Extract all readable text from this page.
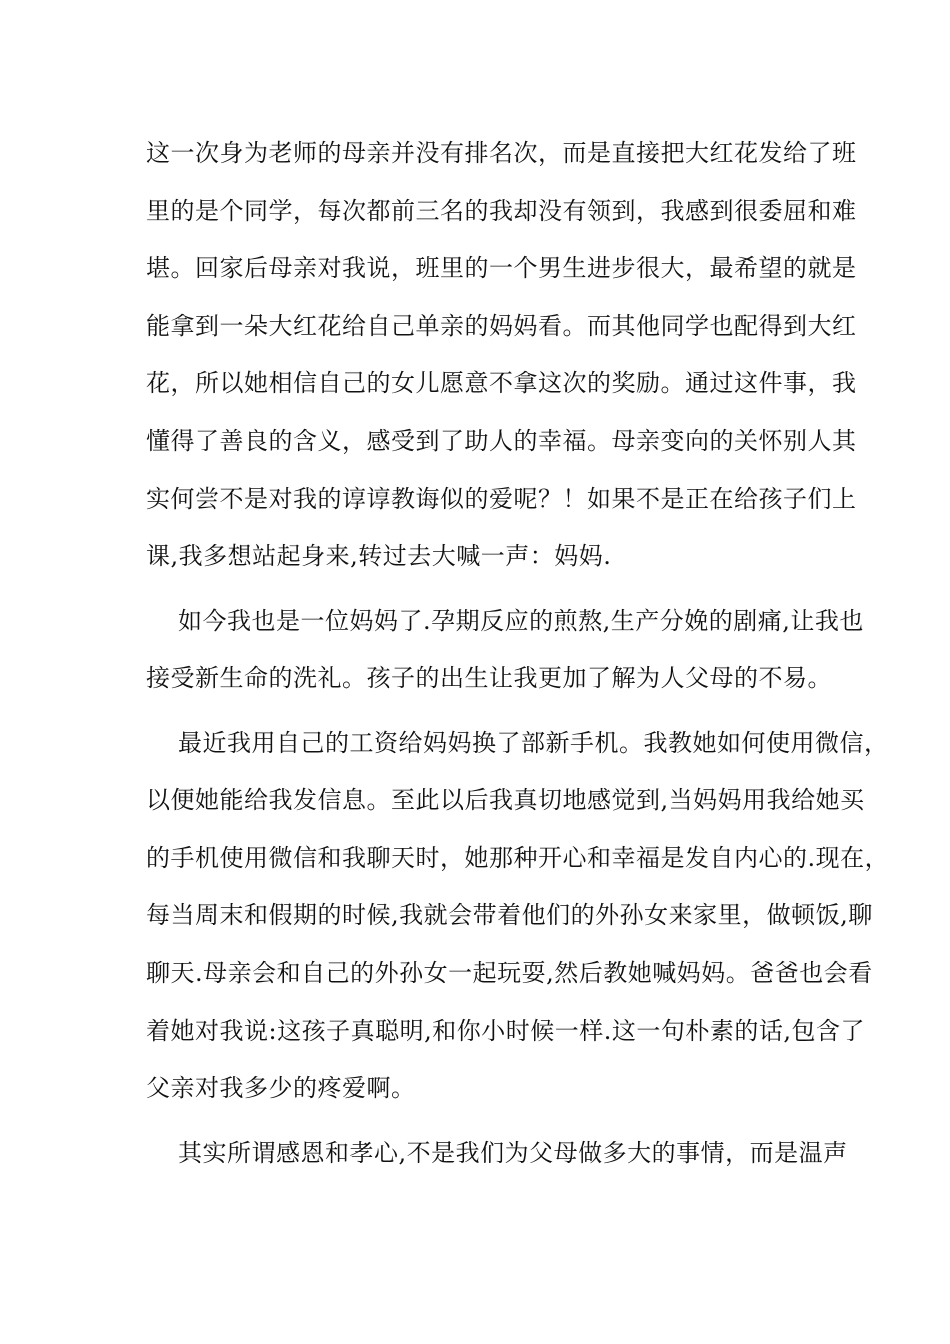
这一次身为老师的母亲并没有排名次，而是直接把大红花发给了班
里的是个同学，每次都前三名的我却没有领到，我感到很委屈和难
堪。回家后母亲对我说，班里的一个男生进步很大，最希望的就是
能拿到一朵大红花给自己单亲的妈妈看。而其他同学也配得到大红
花，所以她相信自己的女儿愿意不拿这次的奖励。通过这件事，我
懂得了善良的含义，感受到了助人的幸福。母亲变向的关怀别人其
实何尝不是对我的谆谆教诲似的爱呢？！如果不是正在给孩子们上
课,我多想站起身来,转过去大喊一声：妈妈.
如今我也是一位妈妈了.孕期反应的煎熬,生产分娩的剧痛,让我也
接受新生命的洗礼。孩子的出生让我更加了解为人父母的不易。
最近我用自己的工资给妈妈换了部新手机。我教她如何使用微信，
以便她能给我发信息。至此以后我真切地感觉到,当妈妈用我给她买
的手机使用微信和我聊天时，她那种开心和幸福是发自内心的.现在，
每当周末和假期的时候,我就会带着他们的外孙女来家里，做顿饭,聊
聊天.母亲会和自己的外孙女一起玩耍,然后教她喊妈妈。爸爸也会看
着她对我说:这孩子真聪明,和你小时候一样.这一句朴素的话,包含了
父亲对我多少的疼爱啊。
其实所谓感恩和孝心,不是我们为父母做多大的事情，而是温声
